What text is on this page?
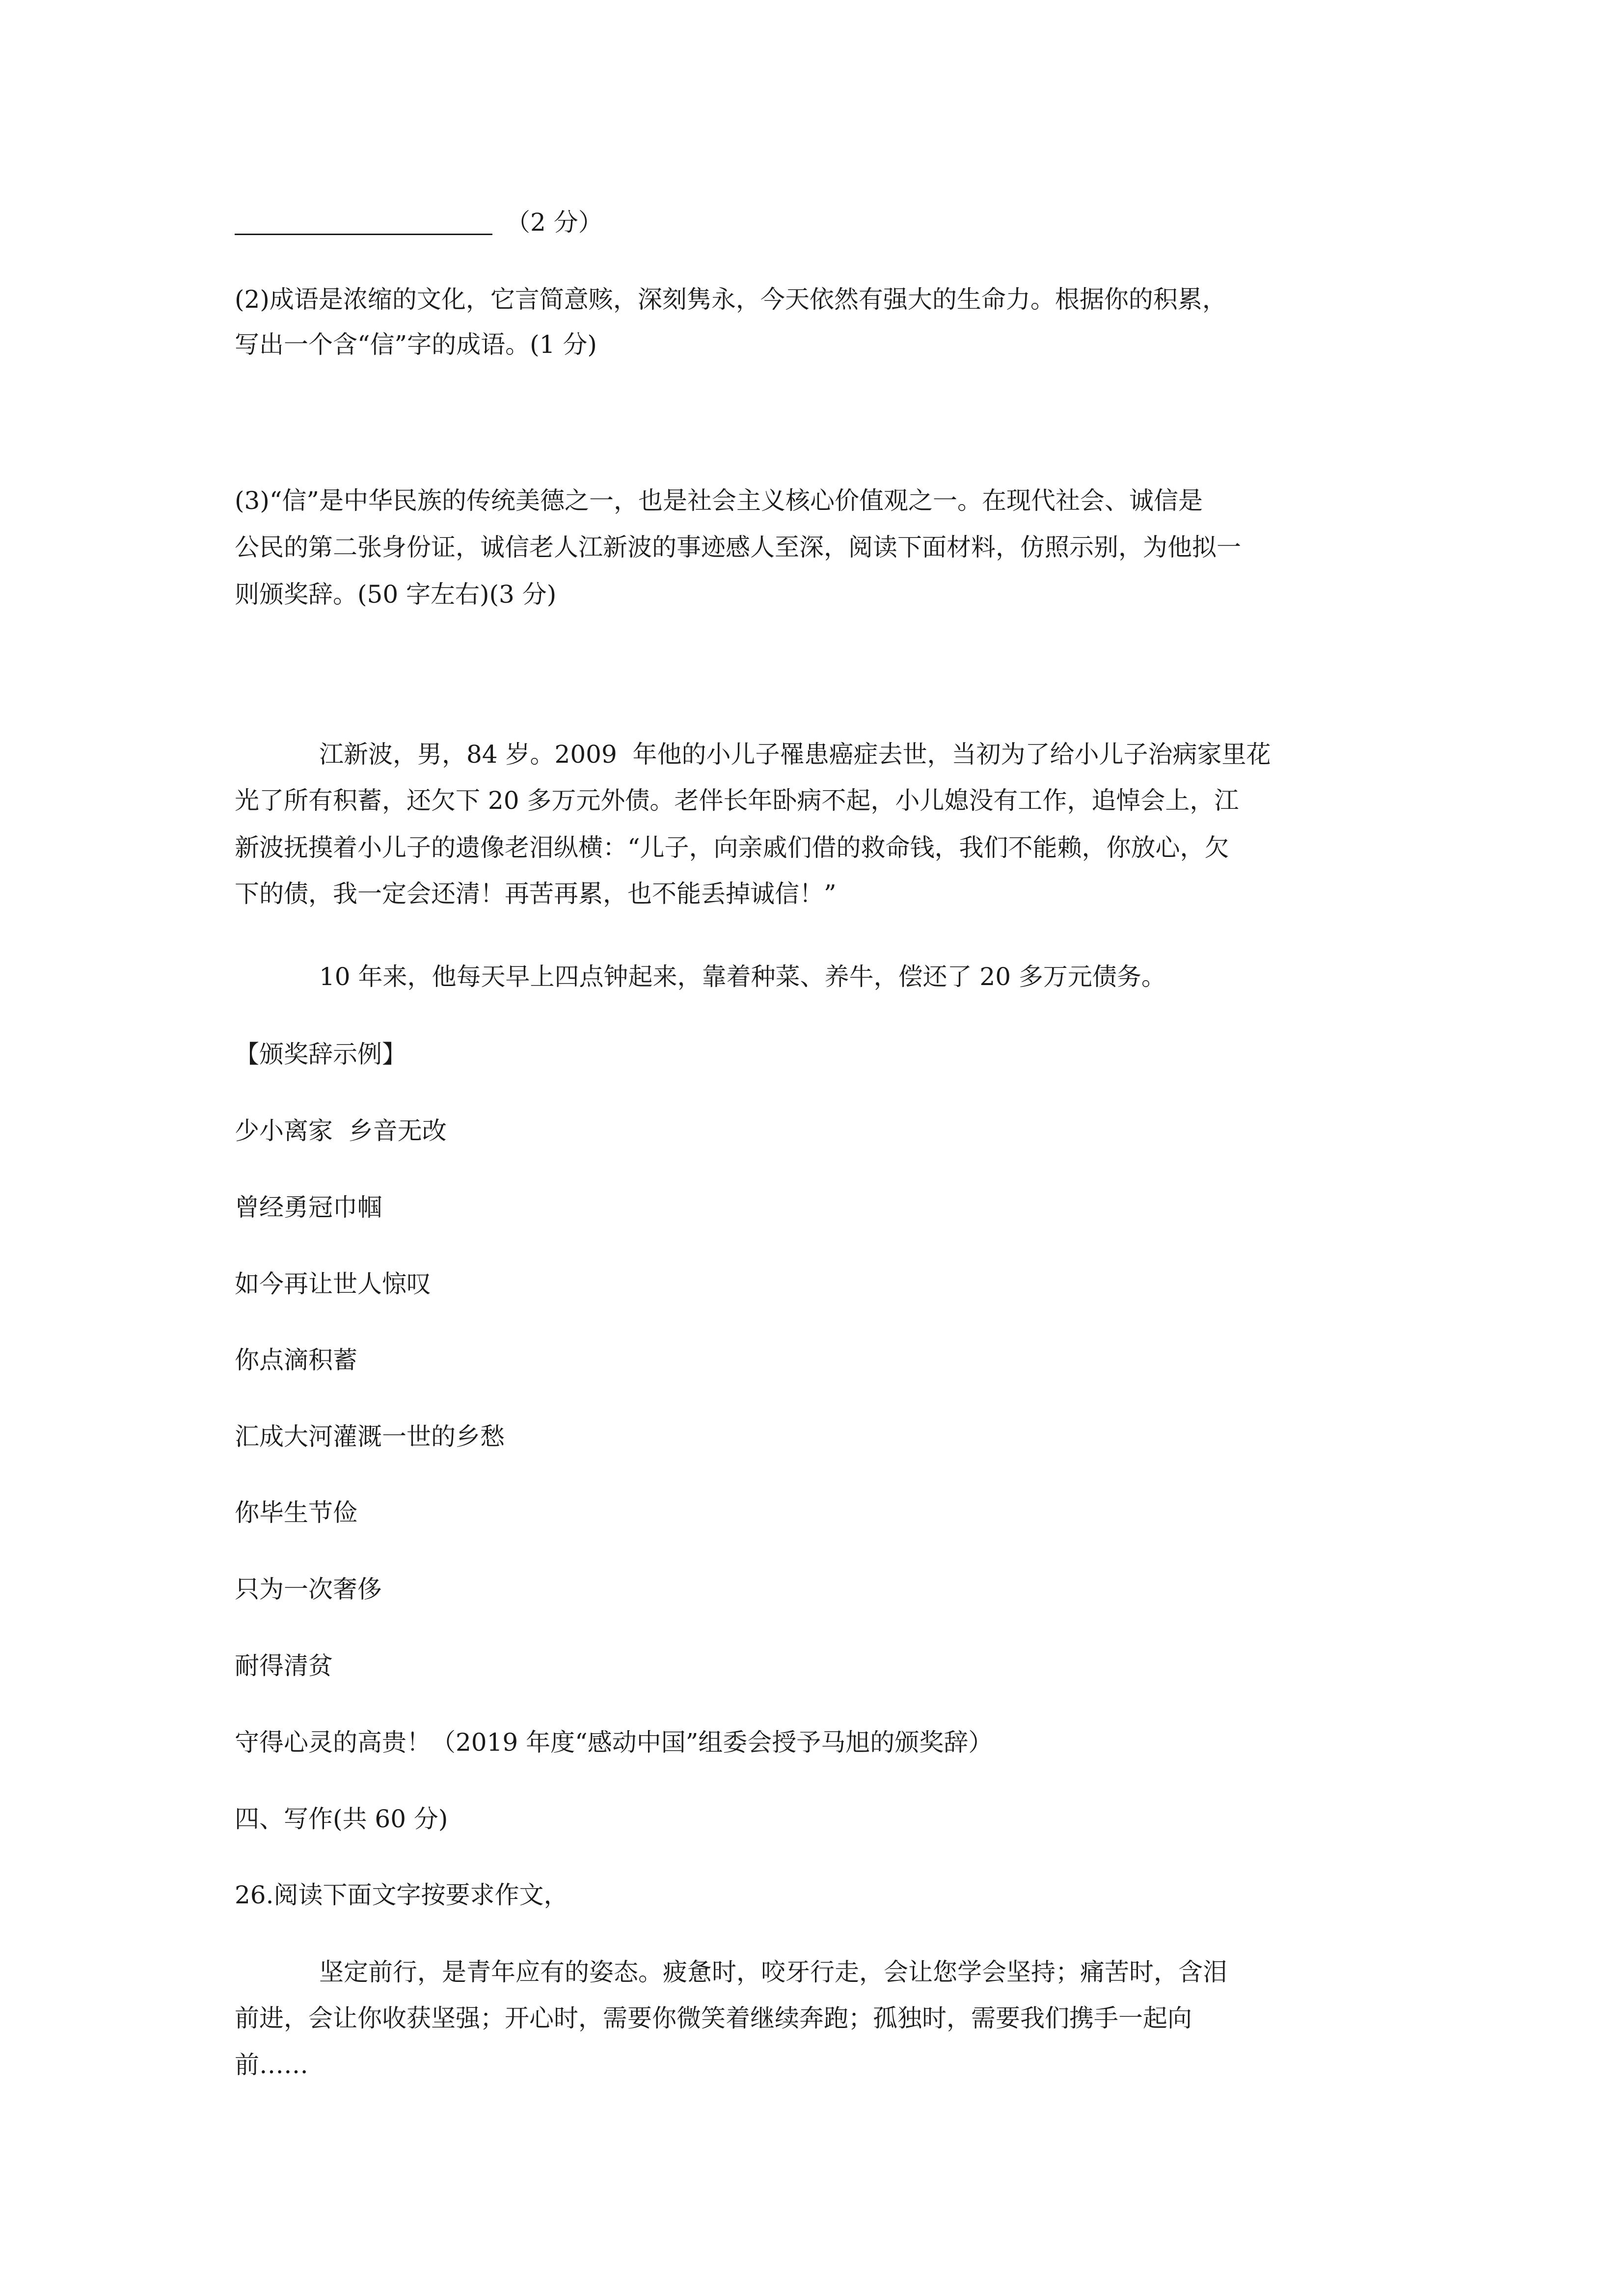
（2 分）
(2)成语是浓缩的文化，它言简意赅，深刻隽永，今天依然有强大的生命力。根据你的积累，
写出一个含“信”字的成语。(1 分)
(3)“信”是中华民族的传统美德之一，也是社会主义核心价值观之一。在现代社会、诚信是
公民的第二张身份证，诚信老人江新波的事迹感人至深，阅读下面材料，仿照示别，为他拟一
则颁奖辞。(50 字左右)(3 分)
江新波，男，84 岁。2009  年他的小儿子罹患癌症去世，当初为了给小儿子治病家里花
光了所有积蓄，还欠下 20 多万元外债。老伴长年卧病不起，小儿媳没有工作，追悼会上，江
新波抚摸着小儿子的遗像老泪纵横：“儿子，向亲戚们借的救命钱，我们不能赖，你放心，欠
下的债，我一定会还清！再苦再累，也不能丢掉诚信！”
10 年来，他每天早上四点钟起来，靠着种菜、养牛，偿还了 20 多万元债务。
【颁奖辞示例】
少小离家  乡音无改
曾经勇冠巾帼
如今再让世人惊叹
你点滴积蓄
汇成大河灌溉一世的乡愁
你毕生节俭
只为一次奢侈
耐得清贫
守得心灵的高贵！（2019 年度“感动中国”组委会授予马旭的颁奖辞）
四、写作(共 60 分)
26.阅读下面文字按要求作文，
坚定前行，是青年应有的姿态。疲惫时，咬牙行走，会让您学会坚持；痛苦时，含泪
前进，会让你收获坚强；开心时，需要你微笑着继续奔跑；孤独时，需要我们携手一起向
前……
